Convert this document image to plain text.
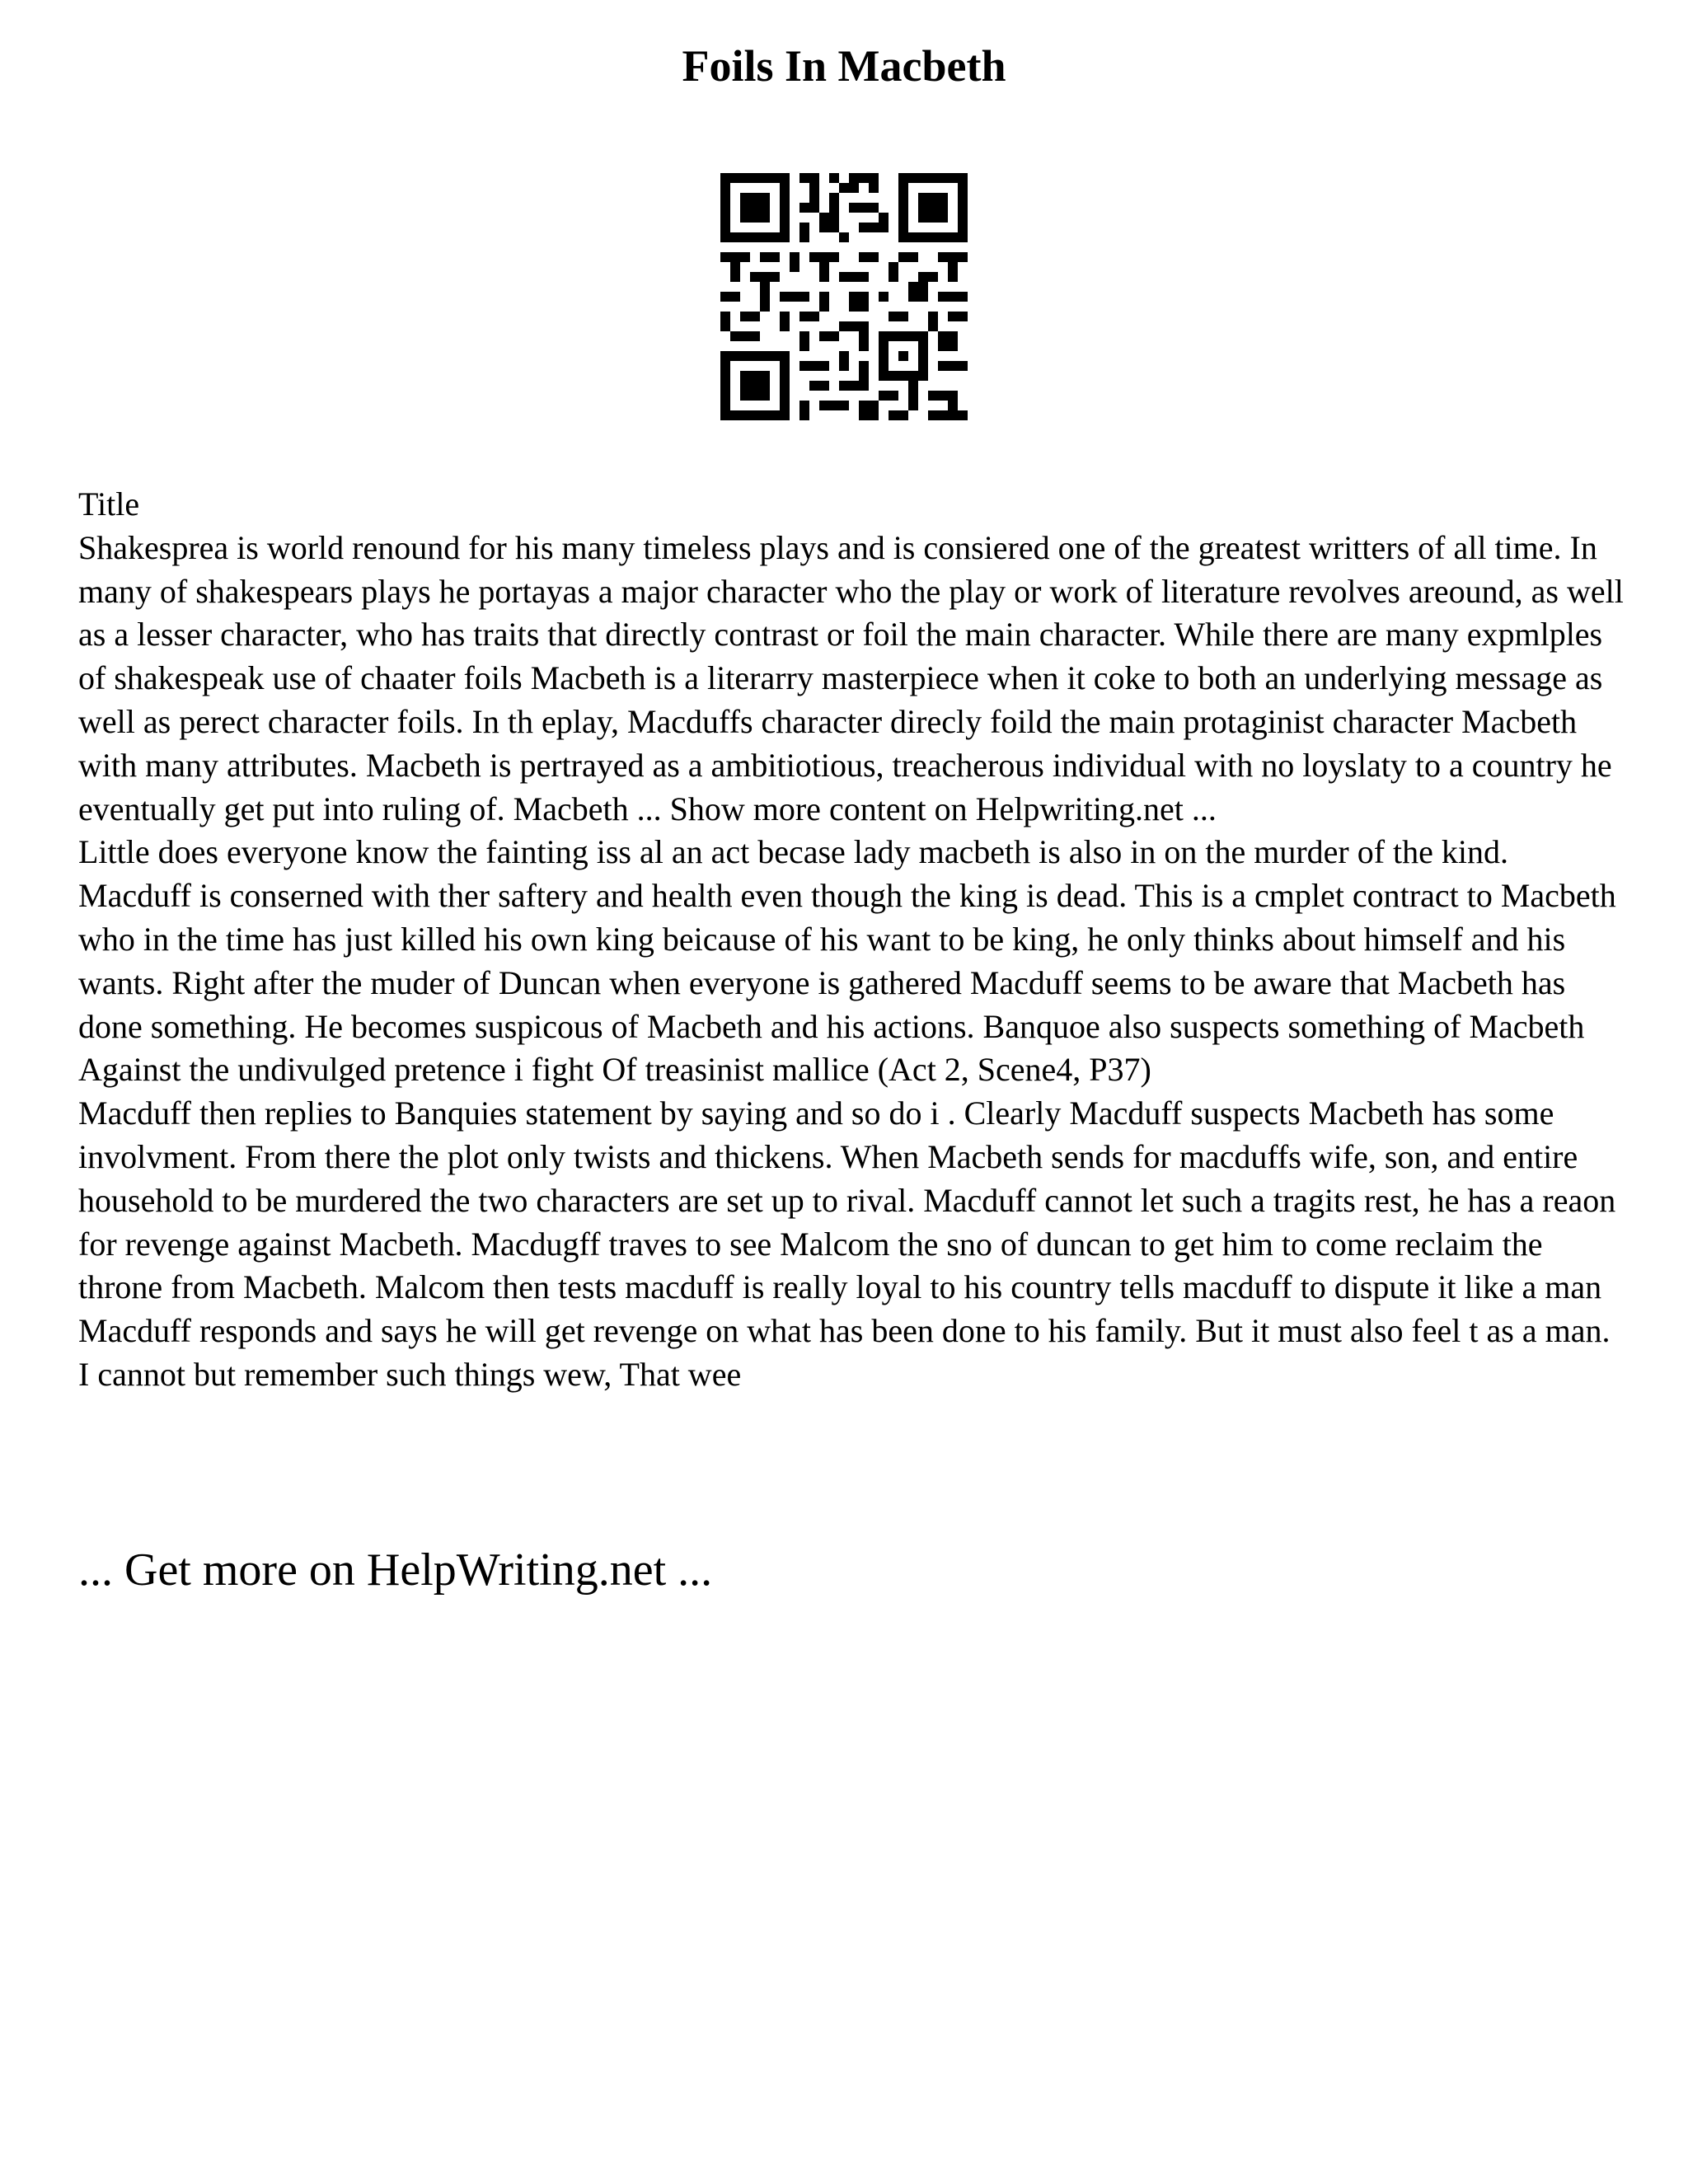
Foils In Macbeth

Title

Shakesprea is world renound for his many timeless plays and is consiered one of the greatest writters of all time. In many of shakespears plays he portayas a major character who the play or work of literature revolves areound, as well as a lesser character, who has traits that directly contrast or foil the main character. While there are many expmlples of shakespeak use of chaater foils Macbeth is a literarry masterpiece when it coke to both an underlying message as well as perect character foils. In th eplay, Macduffs character direcly foild the main protaginist character Macbeth with many attributes. Macbeth is pertrayed as a ambitiotious, treacherous individual with no loyslaty to a country he eventually get put into ruling of. Macbeth ... Show more content on Helpwriting.net ...

Little does everyone know the fainting iss al an act becase lady macbeth is also in on the murder of the kind. Macduff is conserned with ther saftery and health even though the king is dead. This is a cmplet contract to Macbeth who in the time has just killed his own king beicause of his want to be king, he only thinks about himself and his wants. Right after the muder of Duncan when everyone is gathered Macduff seems to be aware that Macbeth has done something. He becomes suspicous of Macbeth and his actions. Banquoe also suspects something of Macbeth Against the undivulged pretence i fight Of treasinist mallice (Act 2, Scene4, P37)

Macduff then replies to Banquies statement by saying and so do i . Clearly Macduff suspects Macbeth has some involvment. From there the plot only twists and thickens. When Macbeth sends for macduffs wife, son, and entire household to be murdered the two characters are set up to rival. Macduff cannot let such a tragits rest, he has a reaon for revenge against Macbeth. Macdugff traves to see Malcom the sno of duncan to get him to come reclaim the throne from Macbeth. Malcom then tests macduff is really loyal to his country tells macduff to dispute it like a man Macduff responds and says he will get revenge on what has been done to his family. But it must also feel t as a man. I cannot but remember such things wew, That wee

... Get more on HelpWriting.net ...
